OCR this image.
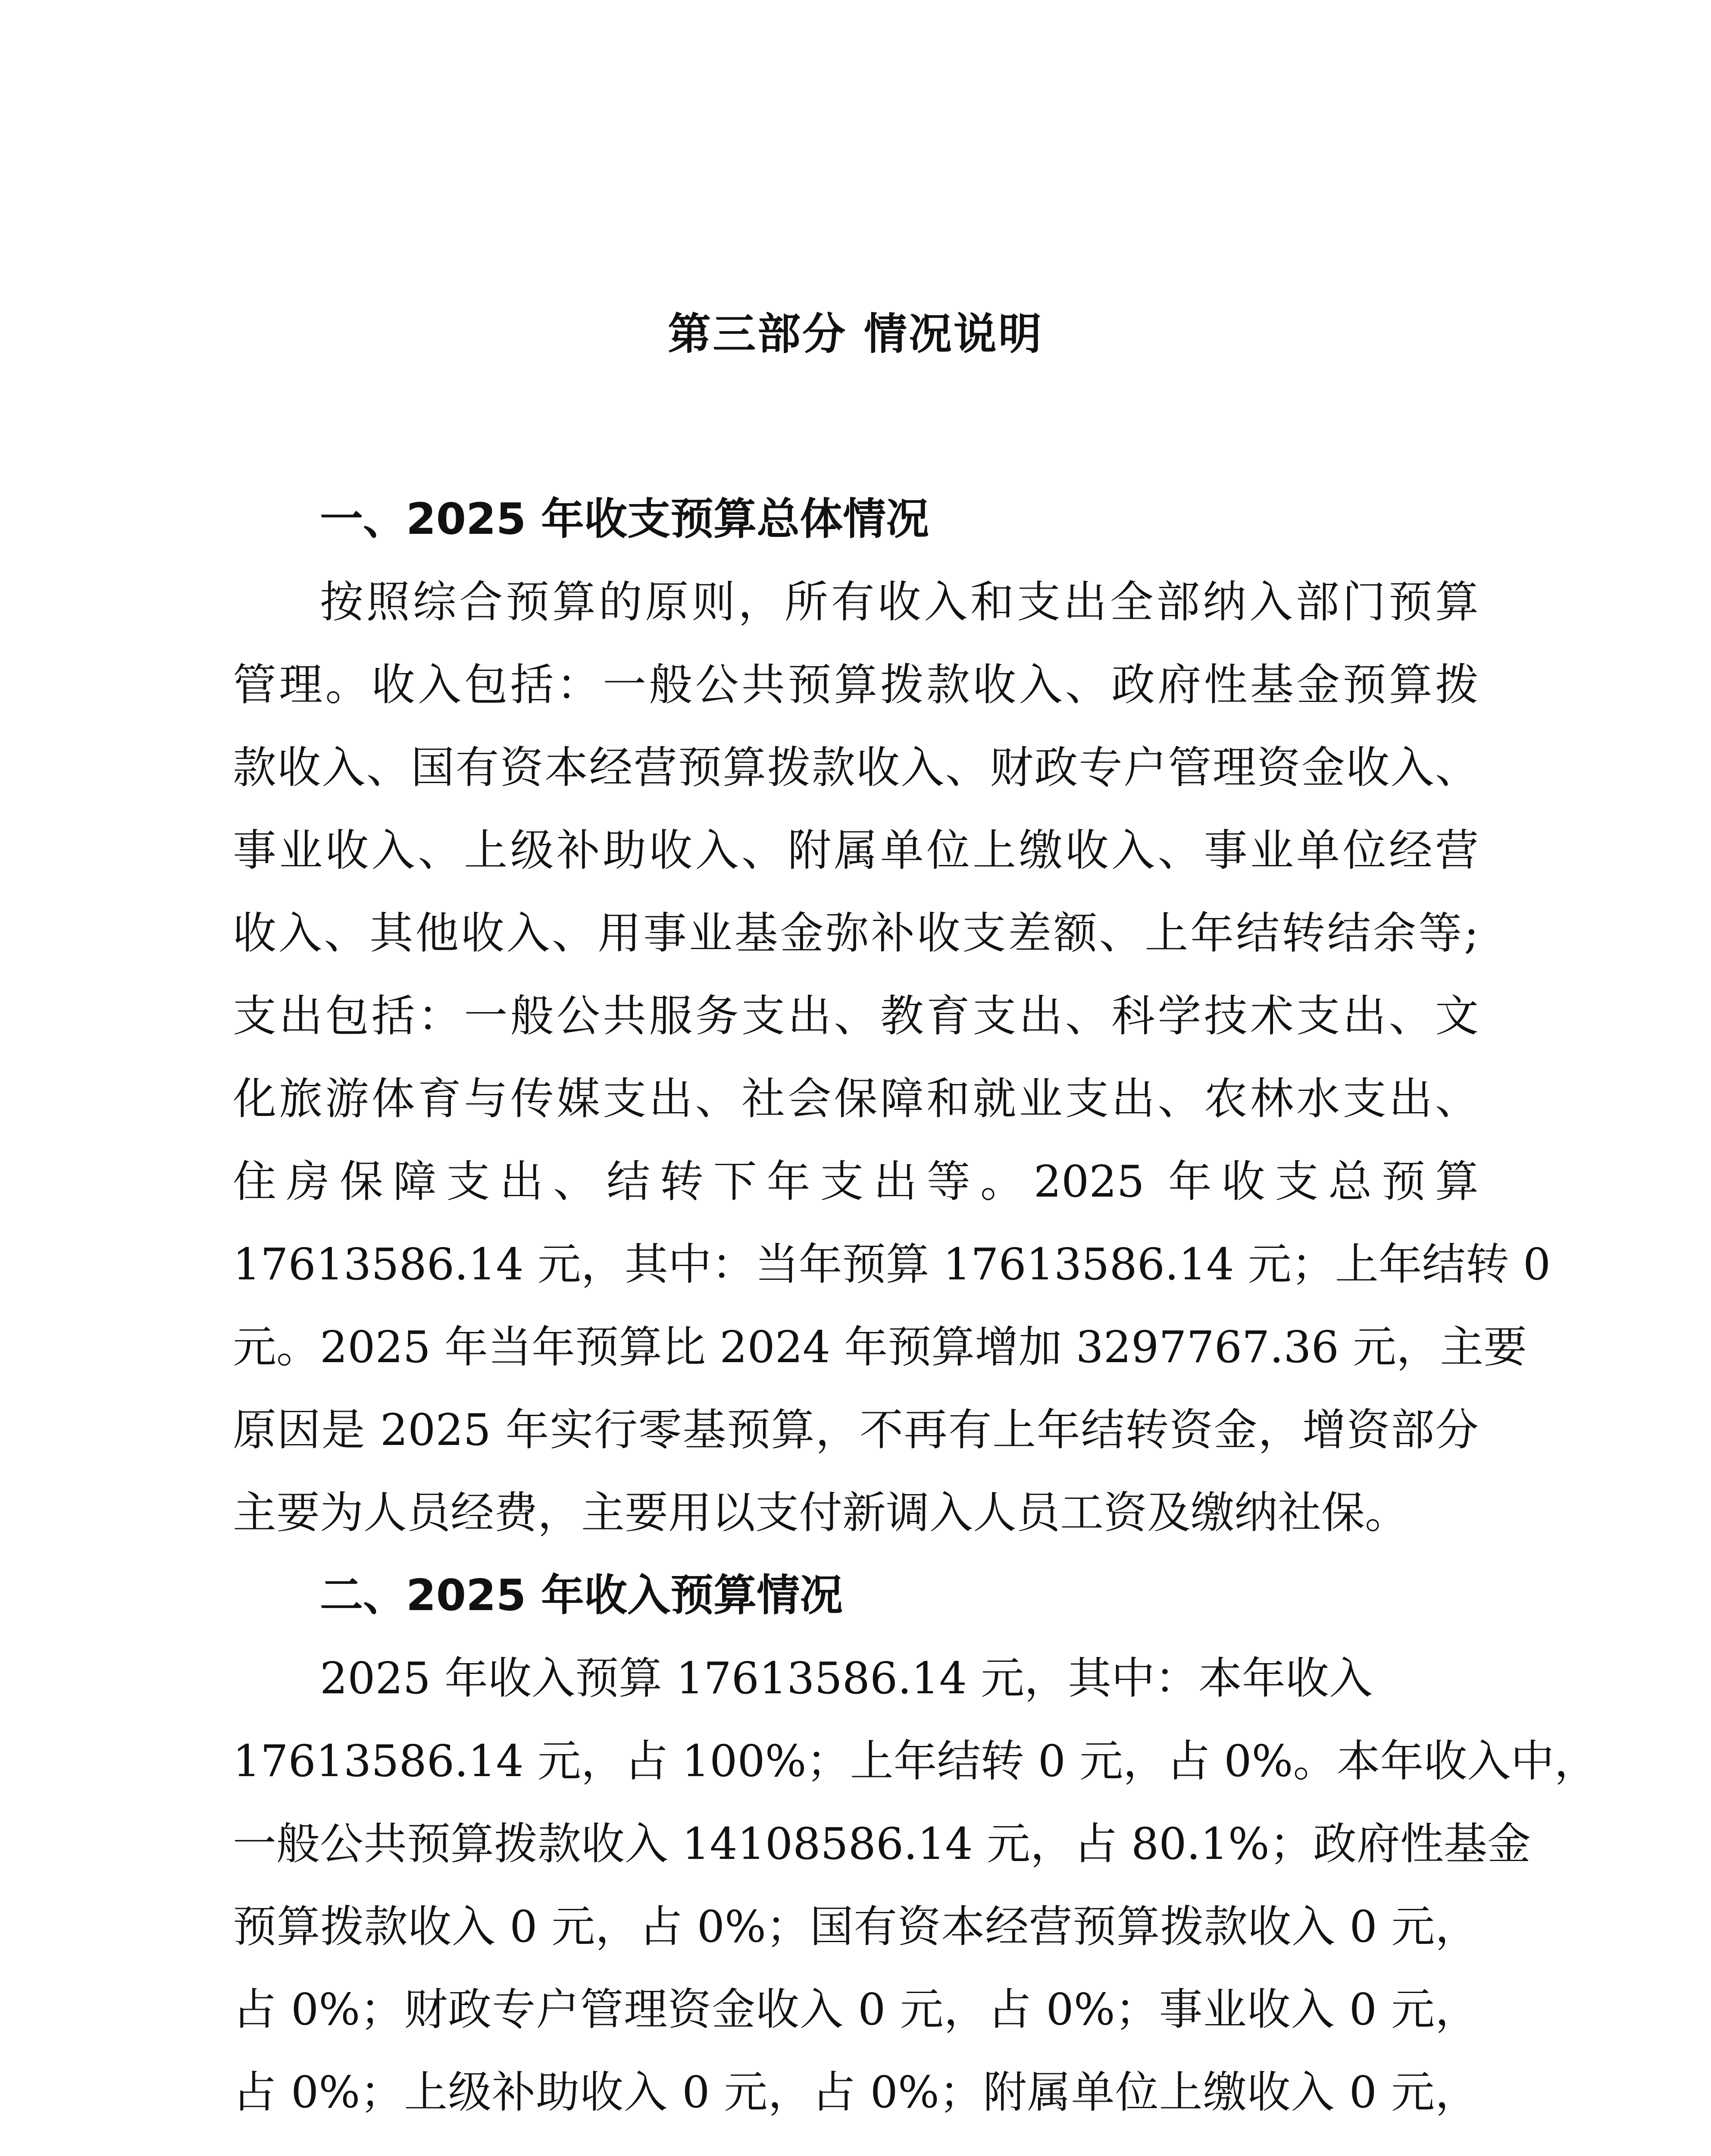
第三部分 情况说明
一、2025 年收支预算总体情况
按照综合预算的原则，所有收入和支出全部纳入部门预算
管理。收入包括：一般公共预算拨款收入、政府性基金预算拨
款收入、国有资本经营预算拨款收入、财政专户管理资金收入、
事业收入、上级补助收入、附属单位上缴收入、事业单位经营
收入、其他收入、用事业基金弥补收支差额、上年结转结余等;
支出包括：一般公共服务支出、教育支出、科学技术支出、文
化旅游体育与传媒支出、社会保障和就业支出、农林水支出、
住房保障支出、结转下年支出等。2025 年收支总预算
17613586.14 元，其中：当年预算 17613586.14 元；上年结转 0
元。2025 年当年预算比 2024 年预算增加 3297767.36 元，主要
原因是 2025 年实行零基预算，不再有上年结转资金，增资部分
主要为人员经费，主要用以支付新调入人员工资及缴纳社保。
二、2025 年收入预算情况
2025 年收入预算 17613586.14 元，其中：本年收入
17613586.14 元，占 100%；上年结转 0 元，占 0%。本年收入中，
一般公共预算拨款收入 14108586.14 元，占 80.1%；政府性基金
预算拨款收入 0 元，占 0%；国有资本经营预算拨款收入 0 元，
占 0%；财政专户管理资金收入 0 元，占 0%；事业收入 0 元，
占 0%；上级补助收入 0 元，占 0%；附属单位上缴收入 0 元，
